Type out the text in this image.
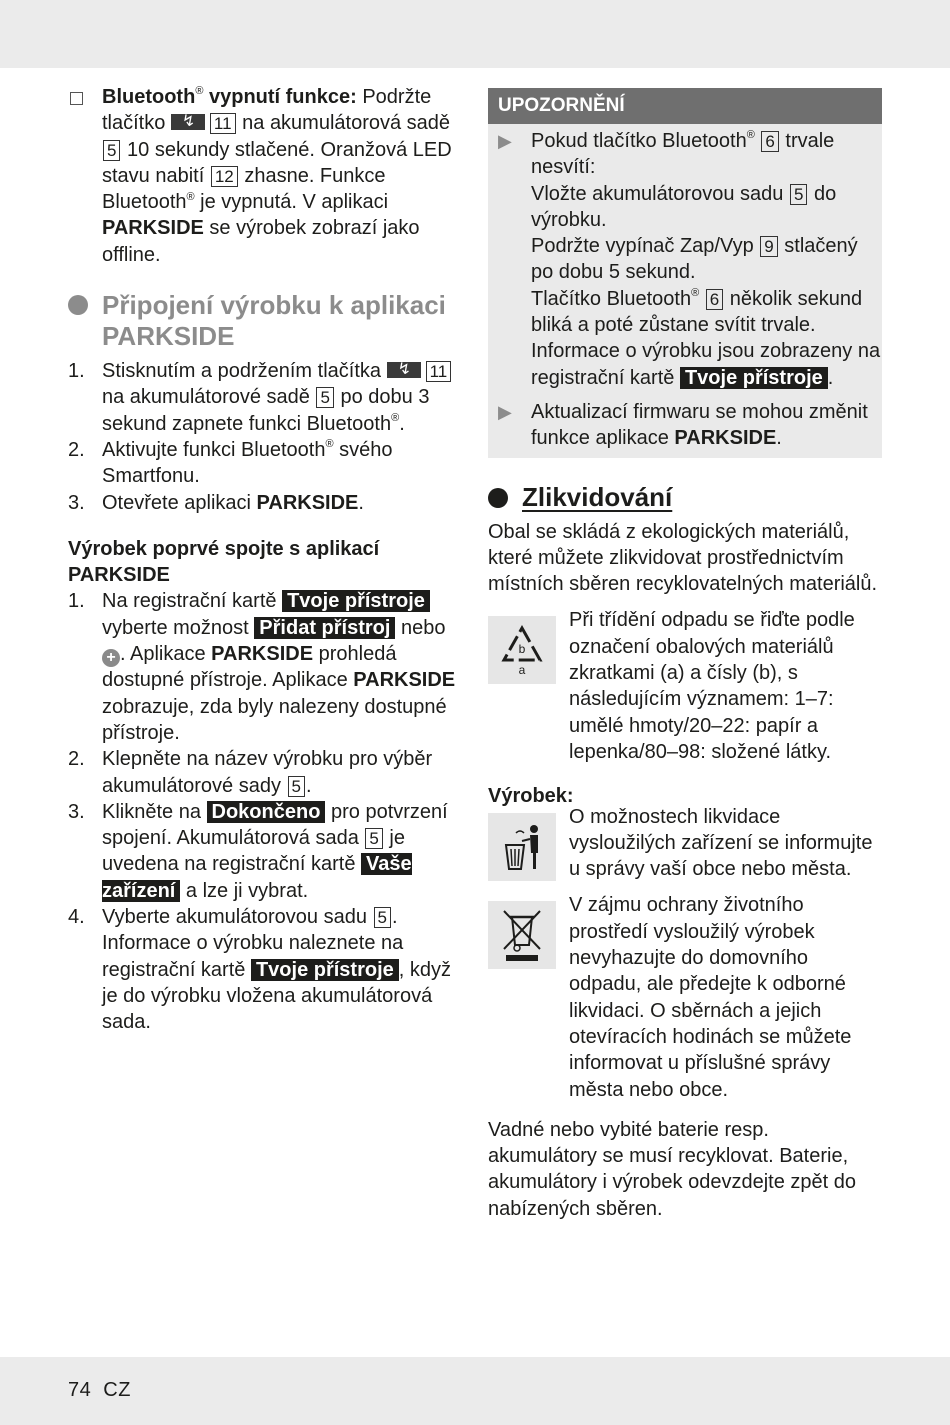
Bluetooth® vypnutí funkce: Podržte tlačítko ↯	11 na akumulátorová sadě 5 10 sekundy stlačené. Oranžová LED stavu nabití 12 zhasne. Funkce Bluetooth® je vypnutá. V aplikaci PARKSIDE se výrobek zobrazí jako offline.
Připojení výrobku k aplikaci PARKSIDE
1. Stisknutím a podržením tlačítka ↯	11 na akumulátorové sadě 5 po dobu 3 sekund zapnete funkci Bluetooth®.
2. Aktivujte funkci Bluetooth® svého Smartfonu.
3. Otevřete aplikaci PARKSIDE.
Výrobek poprvé spojte s aplikací PARKSIDE
1. Na registrační kartě Tvoje přístroje vyberte možnost Přidat přístroj nebo + . Aplikace PARKSIDE prohledá dostupné přístroje. Aplikace PARKSIDE zobrazuje, zda byly nalezeny dostupné přístroje.
2. Klepněte na název výrobku pro výběr akumulátorové sady 5 .
3. Klikněte na Dokončeno pro potvrzení spojení. Akumulátorová sada 5 je uvedena na registrační kartě Vaše zařízení a lze ji vybrat.
4. Vyberte akumulátorovou sadu 5 . Informace o výrobku naleznete na registrační kartě Tvoje přístroje , když je do výrobku vložena akumulátorová sada.
UPOZORNĚNÍ
▶ Pokud tlačítko Bluetooth® 6 trvale nesvítí:
Vložte akumulátorovou sadu 5 do výrobku.
Podržte vypínač Zap/Vyp 9 stlačený po dobu 5 sekund.
Tlačítko Bluetooth® 6 několik sekund bliká a poté zůstane svítit trvale. Informace o výrobku jsou zobrazeny na registrační kartě Tvoje přístroje .
▶ Aktualizací firmwaru se mohou změnit funkce aplikace PARKSIDE.
Zlikvidování
Obal se skládá z ekologických materiálů, které můžete zlikvidovat prostřednictvím místních sběren recyklovatelných materiálů.
b
a
Při třídění odpadu se řiďte podle označení obalových materiálů zkratkami (a) a čísly (b), s následujícím významem: 1–7: umělé hmoty/20–22: papír a lepenka/80–98: složené látky.
Výrobek:
O možnostech likvidace vysloužilých zařízení se informujte u správy vaší obce nebo města.
V zájmu ochrany životního prostředí vysloužilý výrobek nevyhazujte do domovního odpadu, ale předejte k odborné likvidaci. O sběrnách a jejich otevíracích hodinách se můžete informovat u příslušné správy města nebo obce.
Vadné nebo vybité baterie resp. akumulátory se musí recyklovat. Baterie, akumulátory i výrobek odevzdejte zpět do nabízených sběren.
74 CZ
